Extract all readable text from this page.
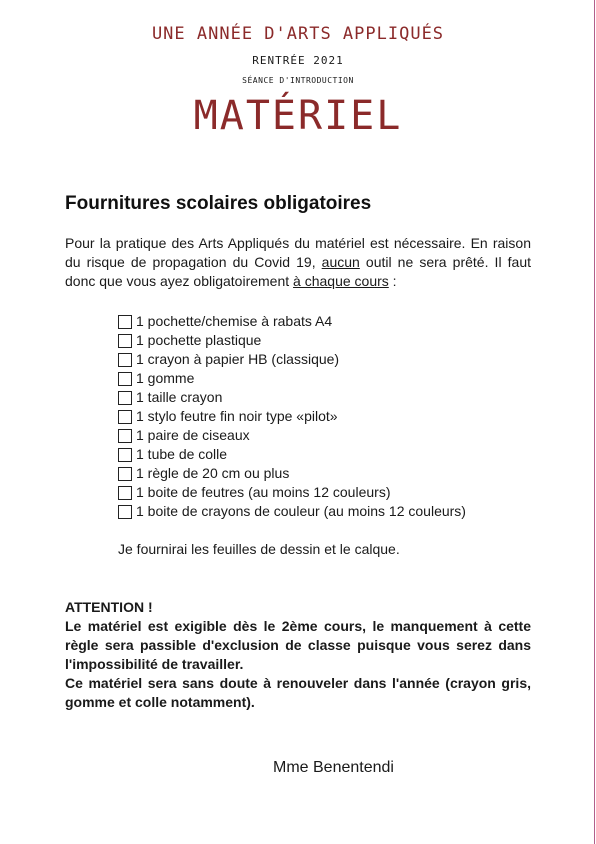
UNE ANNÉE D'ARTS APPLIQUÉS
RENTRÉE 2021
SÉANCE D'INTRODUCTION
MATÉRIEL
Fournitures scolaires obligatoires

Pour la pratique des Arts Appliqués du matériel est nécessaire. En raison du risque de propagation du Covid 19, aucun outil ne sera prêté. Il faut donc que vous ayez obligatoirement à chaque cours :

1 pochette/chemise à rabats A4
1 pochette plastique
1 crayon à papier HB (classique)
1 gomme
1 taille crayon
1 stylo feutre fin noir type «pilot»
1 paire de ciseaux
1 tube de colle
1 règle de 20 cm ou plus
1 boite de feutres (au moins 12 couleurs)
1 boite de crayons de couleur (au moins 12 couleurs)

Je fournirai les feuilles de dessin et le calque.

ATTENTION !

Le matériel est exigible dès le 2ème cours, le manquement à cette règle sera passible d'exclusion de classe puisque vous serez dans l'impossibilité de travailler.

Ce matériel sera sans doute à renouveler dans l'année (crayon gris, gomme et colle notamment).

Mme Benentendi
